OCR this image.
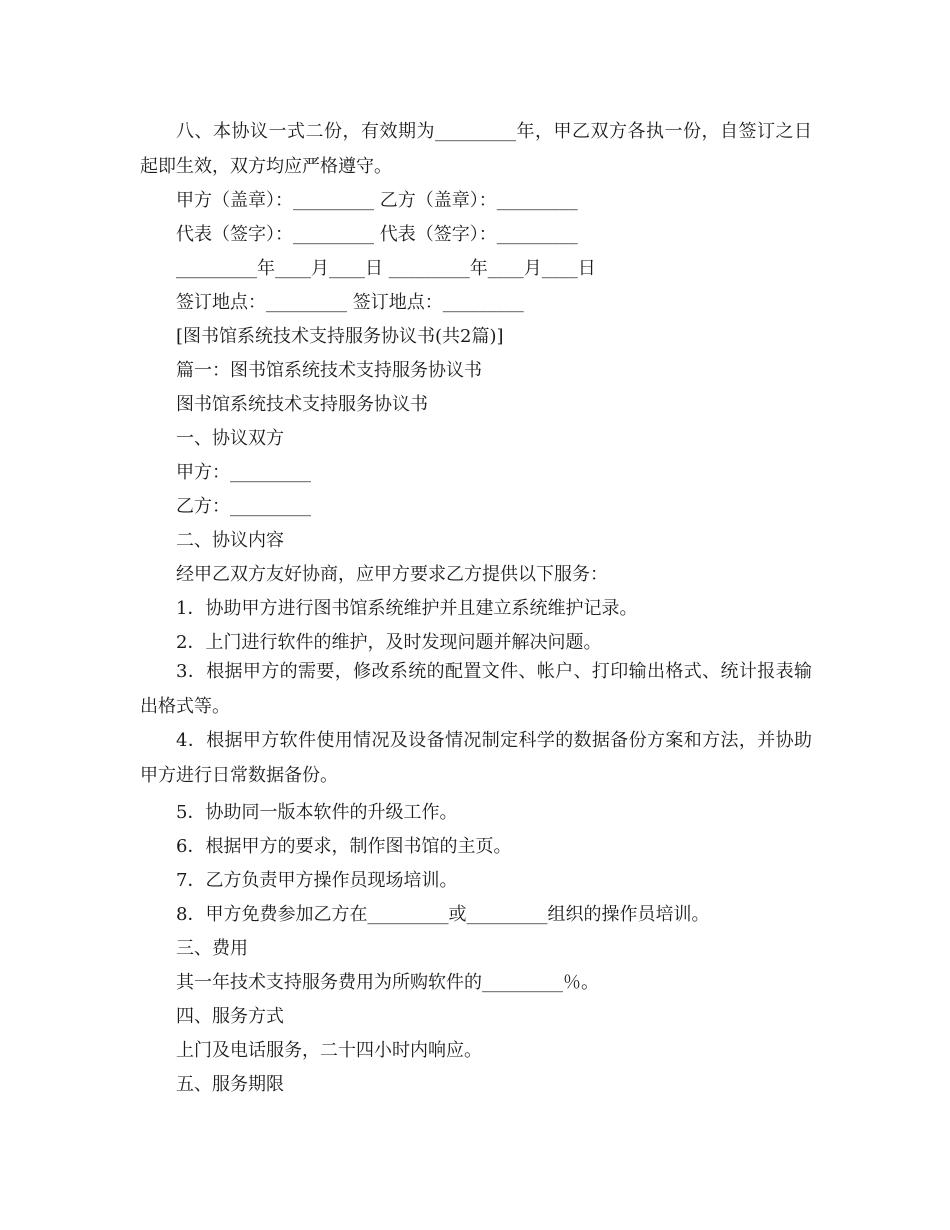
八、本协议一式二份，有效期为_________年，甲乙双方各执一份，自签订之日起即生效，双方均应严格遵守。
甲方（盖章）：_________ 乙方（盖章）：_________
代表（签字）：_________ 代表（签字）：_________
_________年____月____日 _________年____月____日
签订地点：_________ 签订地点：_________
[图书馆系统技术支持服务协议书(共2篇)]
篇一：图书馆系统技术支持服务协议书
图书馆系统技术支持服务协议书
一、协议双方
甲方：_________
乙方：_________
二、协议内容
经甲乙双方友好协商，应甲方要求乙方提供以下服务：
1．协助甲方进行图书馆系统维护并且建立系统维护记录。
2．上门进行软件的维护，及时发现问题并解决问题。
3．根据甲方的需要，修改系统的配置文件、帐户、打印输出格式、统计报表输出格式等。
4．根据甲方软件使用情况及设备情况制定科学的数据备份方案和方法，并协助甲方进行日常数据备份。
5．协助同一版本软件的升级工作。
6．根据甲方的要求，制作图书馆的主页。
7．乙方负责甲方操作员现场培训。
8．甲方免费参加乙方在_________或_________组织的操作员培训。
三、费用
其一年技术支持服务费用为所购软件的_________％。
四、服务方式
上门及电话服务，二十四小时内响应。
五、服务期限
